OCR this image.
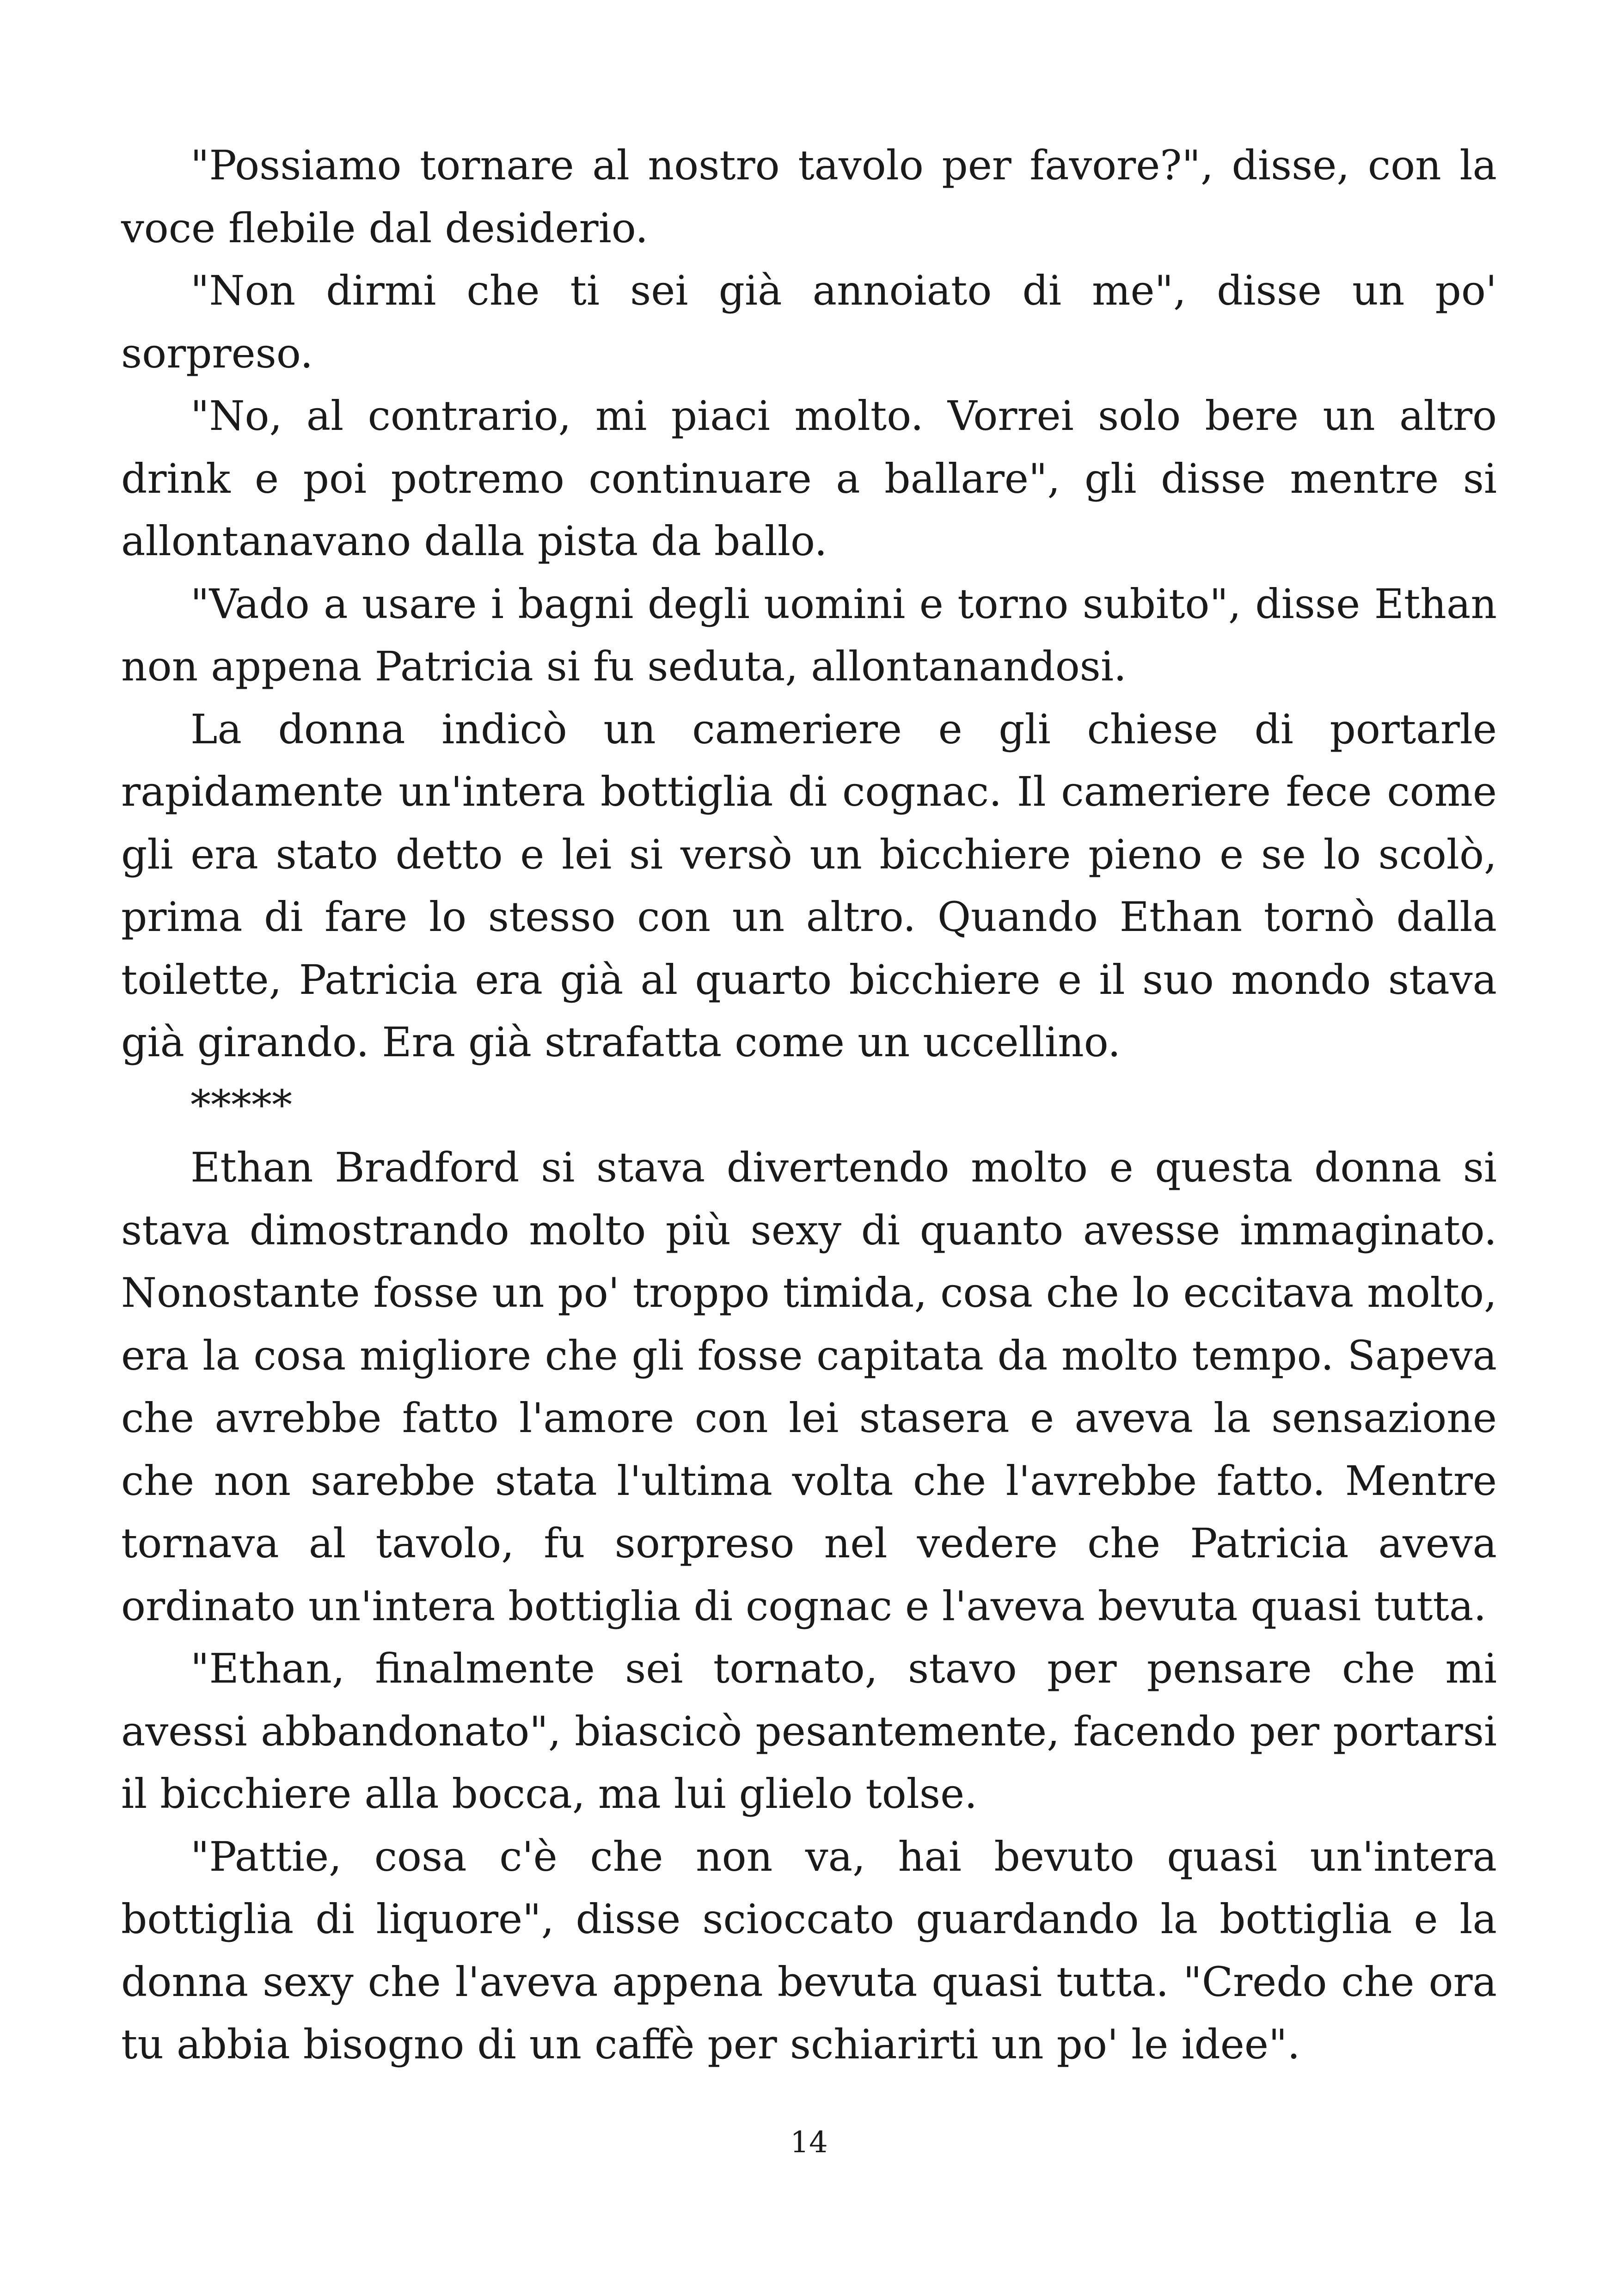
"Possiamo tornare al nostro tavolo per favore?", disse, con la voce flebile dal desiderio.

"Non dirmi che ti sei già annoiato di me", disse un po' sorpreso.

"No, al contrario, mi piaci molto. Vorrei solo bere un altro drink e poi potremo continuare a ballare", gli disse mentre si allontanavano dalla pista da ballo.

"Vado a usare i bagni degli uomini e torno subito", disse Ethan non appena Patricia si fu seduta, allontanandosi.

La donna indicò un cameriere e gli chiese di portarle rapidamente un'intera bottiglia di cognac. Il cameriere fece come gli era stato detto e lei si versò un bicchiere pieno e se lo scolò, prima di fare lo stesso con un altro. Quando Ethan tornò dalla toilette, Patricia era già al quarto bicchiere e il suo mondo stava già girando. Era già strafatta come un uccellino.

*****

Ethan Bradford si stava divertendo molto e questa donna si stava dimostrando molto più sexy di quanto avesse immaginato. Nonostante fosse un po' troppo timida, cosa che lo eccitava molto, era la cosa migliore che gli fosse capitata da molto tempo. Sapeva che avrebbe fatto l'amore con lei stasera e aveva la sensazione che non sarebbe stata l'ultima volta che l'avrebbe fatto. Mentre tornava al tavolo, fu sorpreso nel vedere che Patricia aveva ordinato un'intera bottiglia di cognac e l'aveva bevuta quasi tutta.

"Ethan, finalmente sei tornato, stavo per pensare che mi avessi abbandonato", biascicò pesantemente, facendo per portarsi il bicchiere alla bocca, ma lui glielo tolse.

"Pattie, cosa c'è che non va, hai bevuto quasi un'intera bottiglia di liquore", disse scioccato guardando la bottiglia e la donna sexy che l'aveva appena bevuta quasi tutta. "Credo che ora tu abbia bisogno di un caffè per schiarirti un po' le idee".

14
